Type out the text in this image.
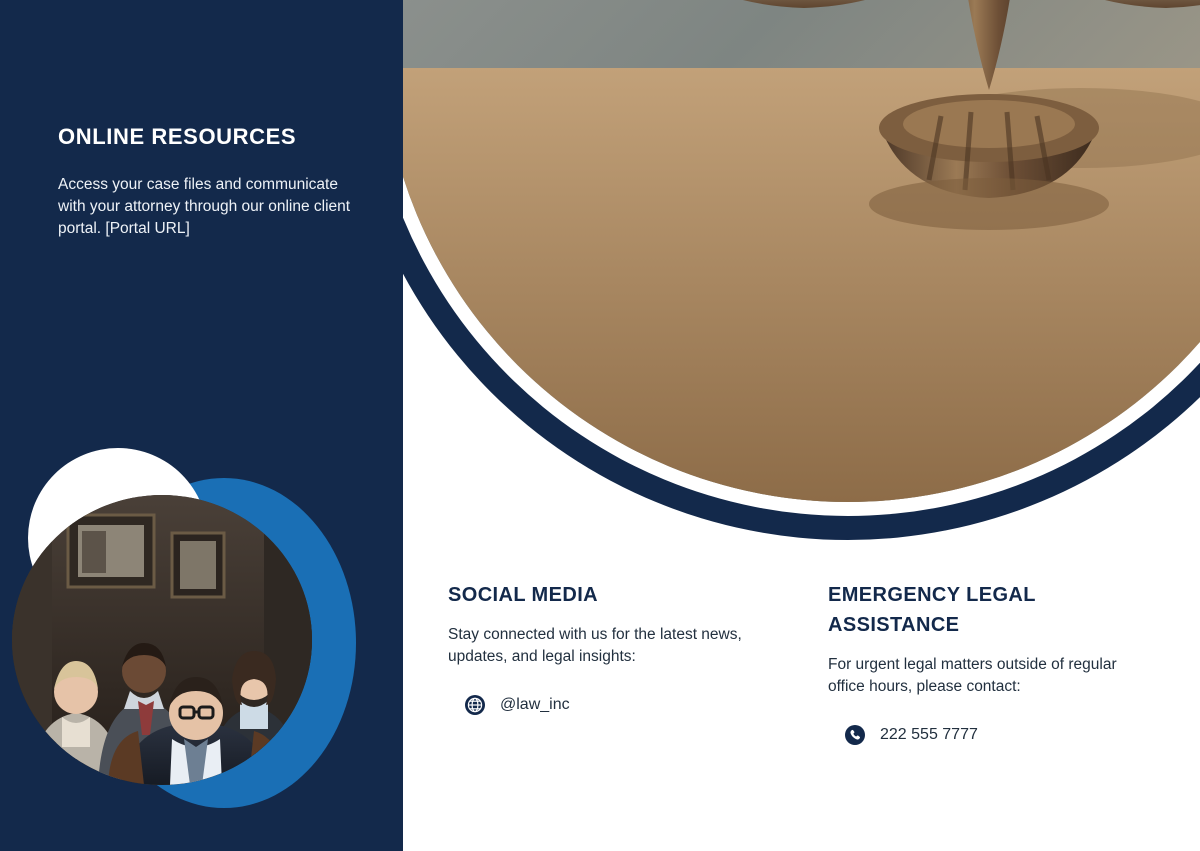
ONLINE RESOURCES
Access your case files and communicate with your attorney through our online client portal. [Portal URL]
SOCIAL MEDIA

Stay connected with us for the latest news, updates, and legal insights:

@law_inc
EMERGENCY LEGAL ASSISTANCE

For urgent legal matters outside of regular office hours, please contact:

222 555 7777
